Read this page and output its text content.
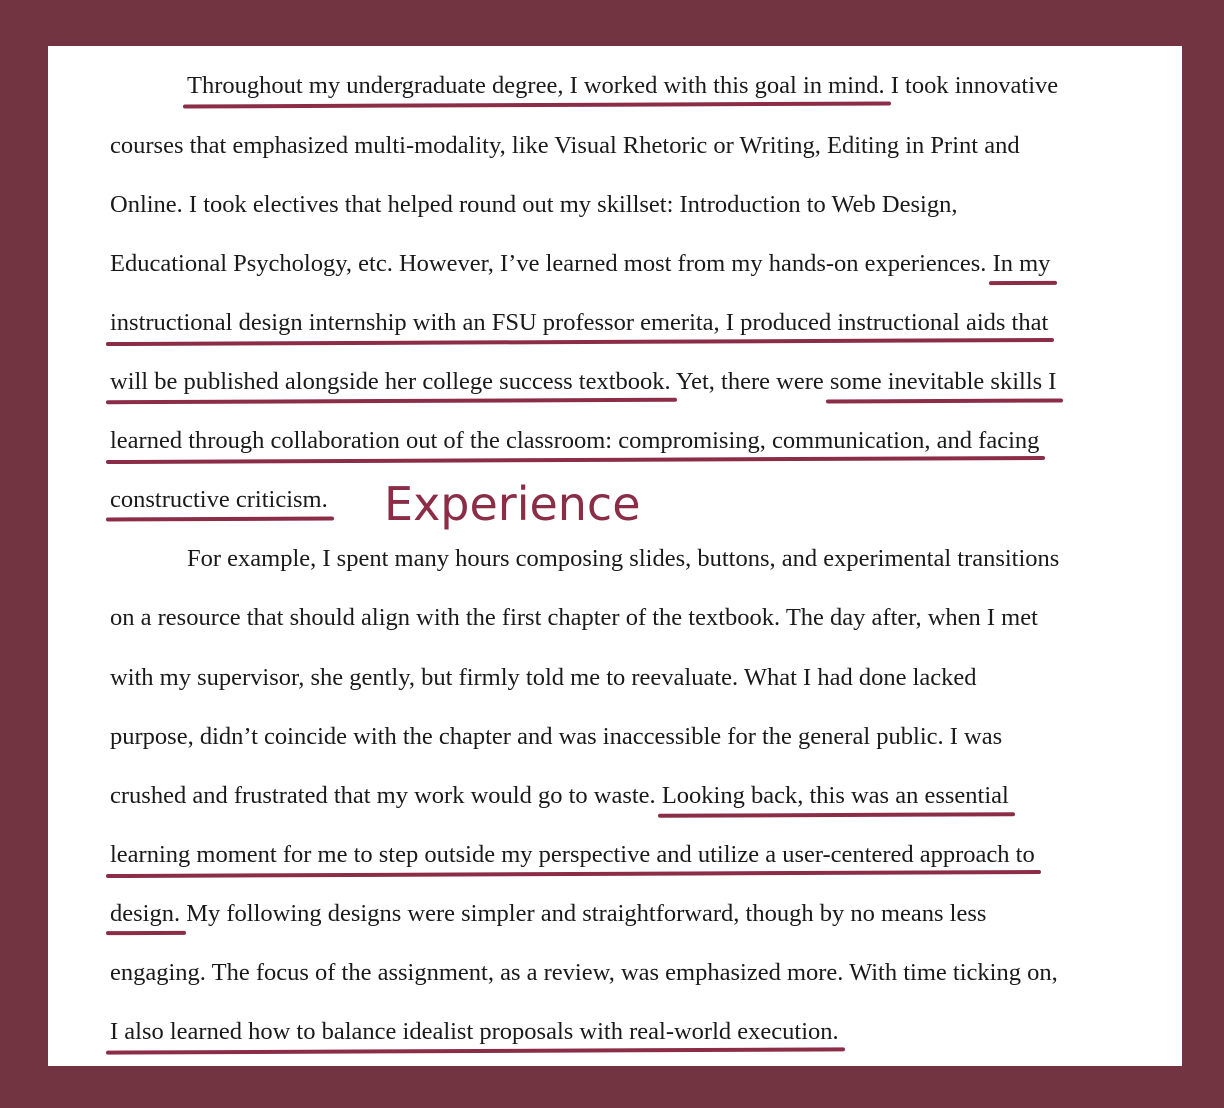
Throughout my undergraduate degree, I worked with this goal in mind. I took innovative

courses that emphasized multi-modality, like Visual Rhetoric or Writing, Editing in Print and

Online. I took electives that helped round out my skillset: Introduction to Web Design,

Educational Psychology, etc. However, I’ve learned most from my hands-on experiences. In my

instructional design internship with an FSU professor emerita, I produced instructional aids that

will be published alongside her college success textbook. Yet, there were some inevitable skills I

learned through collaboration out of the classroom: compromising, communication, and facing

constructive criticism. Experience

For example, I spent many hours composing slides, buttons, and experimental transitions

on a resource that should align with the first chapter of the textbook. The day after, when I met

with my supervisor, she gently, but firmly told me to reevaluate. What I had done lacked

purpose, didn’t coincide with the chapter and was inaccessible for the general public. I was

crushed and frustrated that my work would go to waste. Looking back, this was an essential

learning moment for me to step outside my perspective and utilize a user-centered approach to

design. My following designs were simpler and straightforward, though by no means less

engaging. The focus of the assignment, as a review, was emphasized more. With time ticking on,

I also learned how to balance idealist proposals with real-world execution.
